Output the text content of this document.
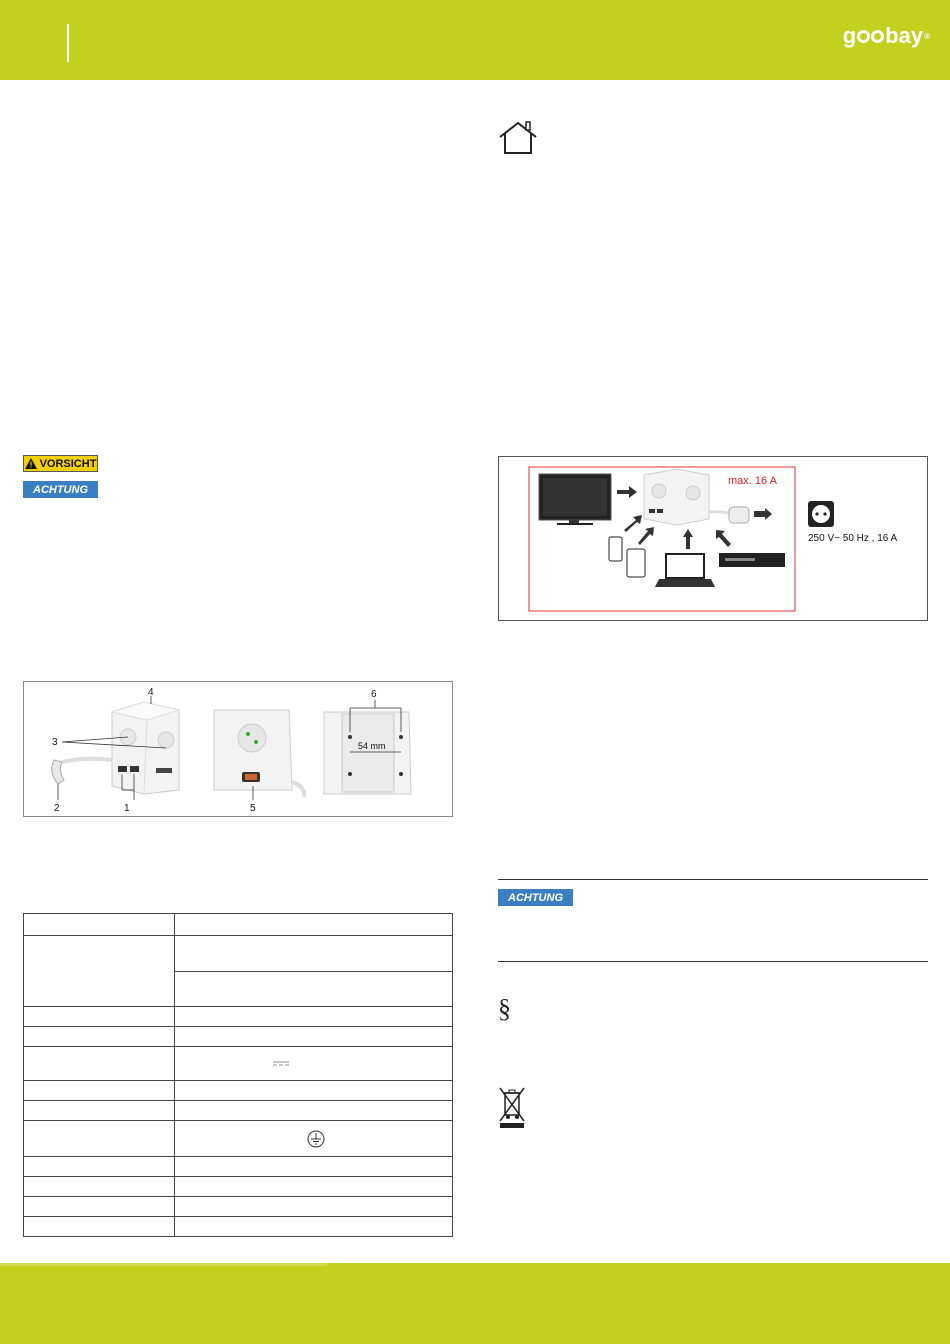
g bay ®
VORSICHT
ACHTUNG
4
3
2	1	5
6
54 mm

max. 16 A
250 V~ 50 Hz , 16 A
ACHTUNG
§
